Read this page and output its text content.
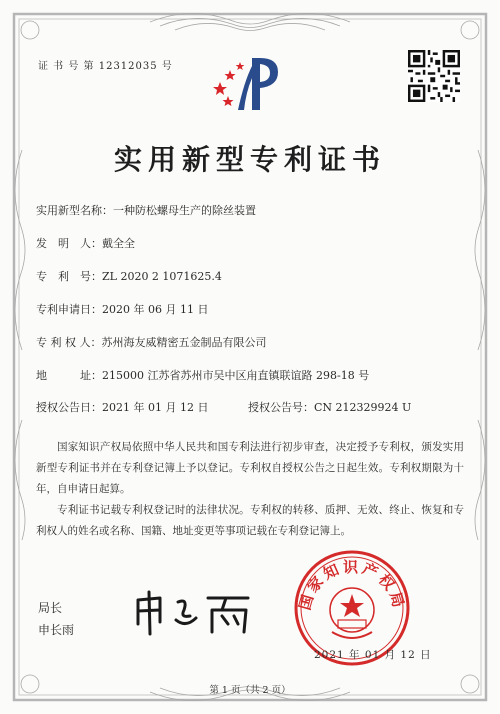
证 书 号 第 12312035 号
实用新型专利证书
实用新型名称：一种防松螺母生产的除丝装置
发　明　人：戴全全
专　利　号：ZL 2020 2 1071625.4
专利申请日：2020 年 06 月 11 日
专 利 权 人：苏州海友威精密五金制品有限公司
地　　　址：215000 江苏省苏州市吴中区甪直镇联谊路 298-18 号
授权公告日：2021 年 01 月 12 日	授权公告号：CN 212329924 U

国家知识产权局依照中华人民共和国专利法进行初步审查，决定授予专利权，颁发实用新型专利证书并在专利登记簿上予以登记。专利权自授权公告之日起生效。专利权期限为十年，自申请日起算。

专利证书记载专利权登记时的法律状况。专利权的转移、质押、无效、终止、恢复和专利权人的姓名或名称、国籍、地址变更等事项记载在专利登记簿上。

局长
申长雨
国家知识产权局
2021 年 01 月 12 日
第 1 页（共 2 页）
